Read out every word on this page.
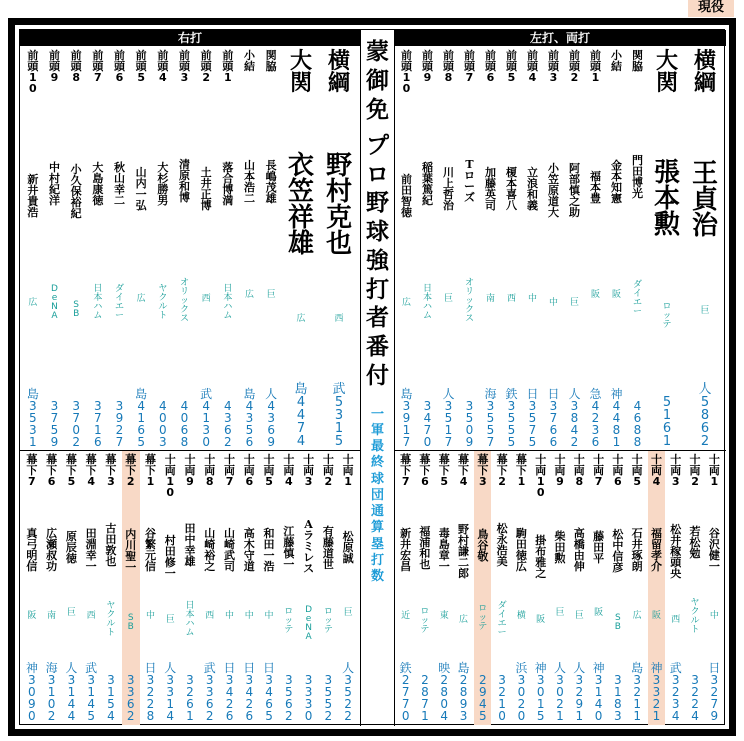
現役
右打	左打、両打
蒙
御
免

プ
ロ
野
球
強
打
者
番
付
一
軍
最
終
球
団
通
算
塁
打
数
横
綱
野
村
克
也
西
武
5
3
1
5
大
関
衣
笠
祥
雄
広
島
4
4
7
4
関
脇
長
嶋
茂
雄
巨
人
4
3
6
9
小
結
山
本
浩
二
広
島
4
3
5
6
前
頭
1
落
合
博
満
日
本
ハ
ム
4
3
6
2
前
頭
2
土
井
正
博
西
武
4
1
3
0
前
頭
3
清
原
和
博
オ
リ
ッ
ク
ス
4
0
6
8
前
頭
4
大
杉
勝
男
ヤ
ク
ル
ト
4
0
0
3
前
頭
5
山
内
一
弘
広
島
4
1
6
5
前
頭
6
秋
山
幸
二
ダ
イ
エ
ー
3
9
2
7
前
頭
7
大
島
康
徳
日
本
ハ
ム
3
7
1
6
前
頭
8
小
久
保
裕
紀
S
B
3
7
0
2
前
頭
9
中
村
紀
洋
D
e
N
A
3
7
5
9
前
頭
1
0
新
井
貴
浩
広
島
3
5
3
1
横
綱
王
貞
治
巨
人
5
8
6
2
大
関
張
本
勲
ロ
ッ
テ
5
1
6
1
関
脇
門
田
博
光
ダ
イ
エ
ー
4
6
8
8
小
結
金
本
知
憲
阪
神
4
4
8
1
前
頭
1
福
本
豊
阪
急
4
2
3
6
前
頭
2
阿
部
慎
之
助
巨
人
3
8
4
2
前
頭
3
小
笠
原
道
大
中
日
3
7
6
6
前
頭
4
立
浪
和
義
中
日
3
5
7
5
前
頭
5
榎
本
喜
八
西
鉄
3
5
5
5
前
頭
6
加
藤
英
司
南
海
3
5
5
7
前
頭
7
T
ロ
ー
ズ
オ
リ
ッ
ク
ス
3
5
0
9
前
頭
8
川
上
哲
治
巨
人
3
5
1
7
前
頭
9
稲
葉
篤
紀
日
本
ハ
ム
3
4
7
0
前
頭
1
0
前
田
智
徳
広
島
3
9
1
7
十
両
1
松
原
誠
巨
人
3
5
2
2
十
両
2
有
藤
道
世
ロ
ッ
テ
3
5
5
2
十
両
3
A
ラ
ミ
レ
ス
D
e
N
A
3
3
3
0
十
両
4
江
藤
慎
一
ロ
ッ
テ
3
5
6
2
十
両
5
和
田
一
浩
中
日
3
4
6
5
十
両
6
高
木
守
道
中
日
3
4
2
6
十
両
7
山
崎
武
司
中
日
3
4
2
6
十
両
8
山
崎
裕
之
西
武
3
3
6
2
十
両
9
田
中
幸
雄
日
本
ハ
ム
3
2
6
1
十
両
1
0
村
田
修
一
巨
人
3
3
1
4
幕
下
1
谷
繁
元
信
中
日
3
2
2
8
幕
下
2
内
川
聖
一
S
B
3
3
6
2
幕
下
3
古
田
敦
也
ヤ
ク
ル
ト
3
1
5
4
幕
下
4
田
淵
幸
一
西
武
3
1
4
5
幕
下
5
原
辰
徳
巨
人
3
1
4
4
幕
下
6
広
瀬
叔
功
南
海
3
1
0
2
幕
下
7
真
弓
明
信
阪
神
3
0
9
0
十
両
1
谷
沢
健
一
中
日
3
2
7
9
十
両
2
若
松
勉
ヤ
ク
ル
ト
3
2
2
4
十
両
3
松
井
稼
頭
央
西
武
3
2
3
4
十
両
4
福
留
孝
介
阪
神
3
3
2
1
十
両
5
石
井
琢
朗
広
島
3
2
1
1
十
両
6
松
中
信
彦
S
B
3
1
8
3
十
両
7
藤
田
平
阪
神
3
1
4
0
十
両
8
高
橋
由
伸
巨
人
3
2
9
1
十
両
9
柴
田
勲
巨
人
3
0
2
1
十
両
1
0
掛
布
雅
之
阪
神
3
0
1
5
幕
下
1
駒
田
徳
広
横
浜
3
0
2
0
幕
下
2
松
永
浩
美
ダ
イ
エ
ー
3
2
1
0
幕
下
3
鳥
谷
敬
ロ
ッ
テ
2
9
4
5
幕
下
4
野
村
謙
二
郎
広
島
2
8
9
3
幕
下
5
毒
島
章
一
東
映
2
8
0
4
幕
下
6
福
浦
和
也
ロ
ッ
テ
2
8
7
1
幕
下
7
新
井
宏
昌
近
鉄
2
7
7
0
